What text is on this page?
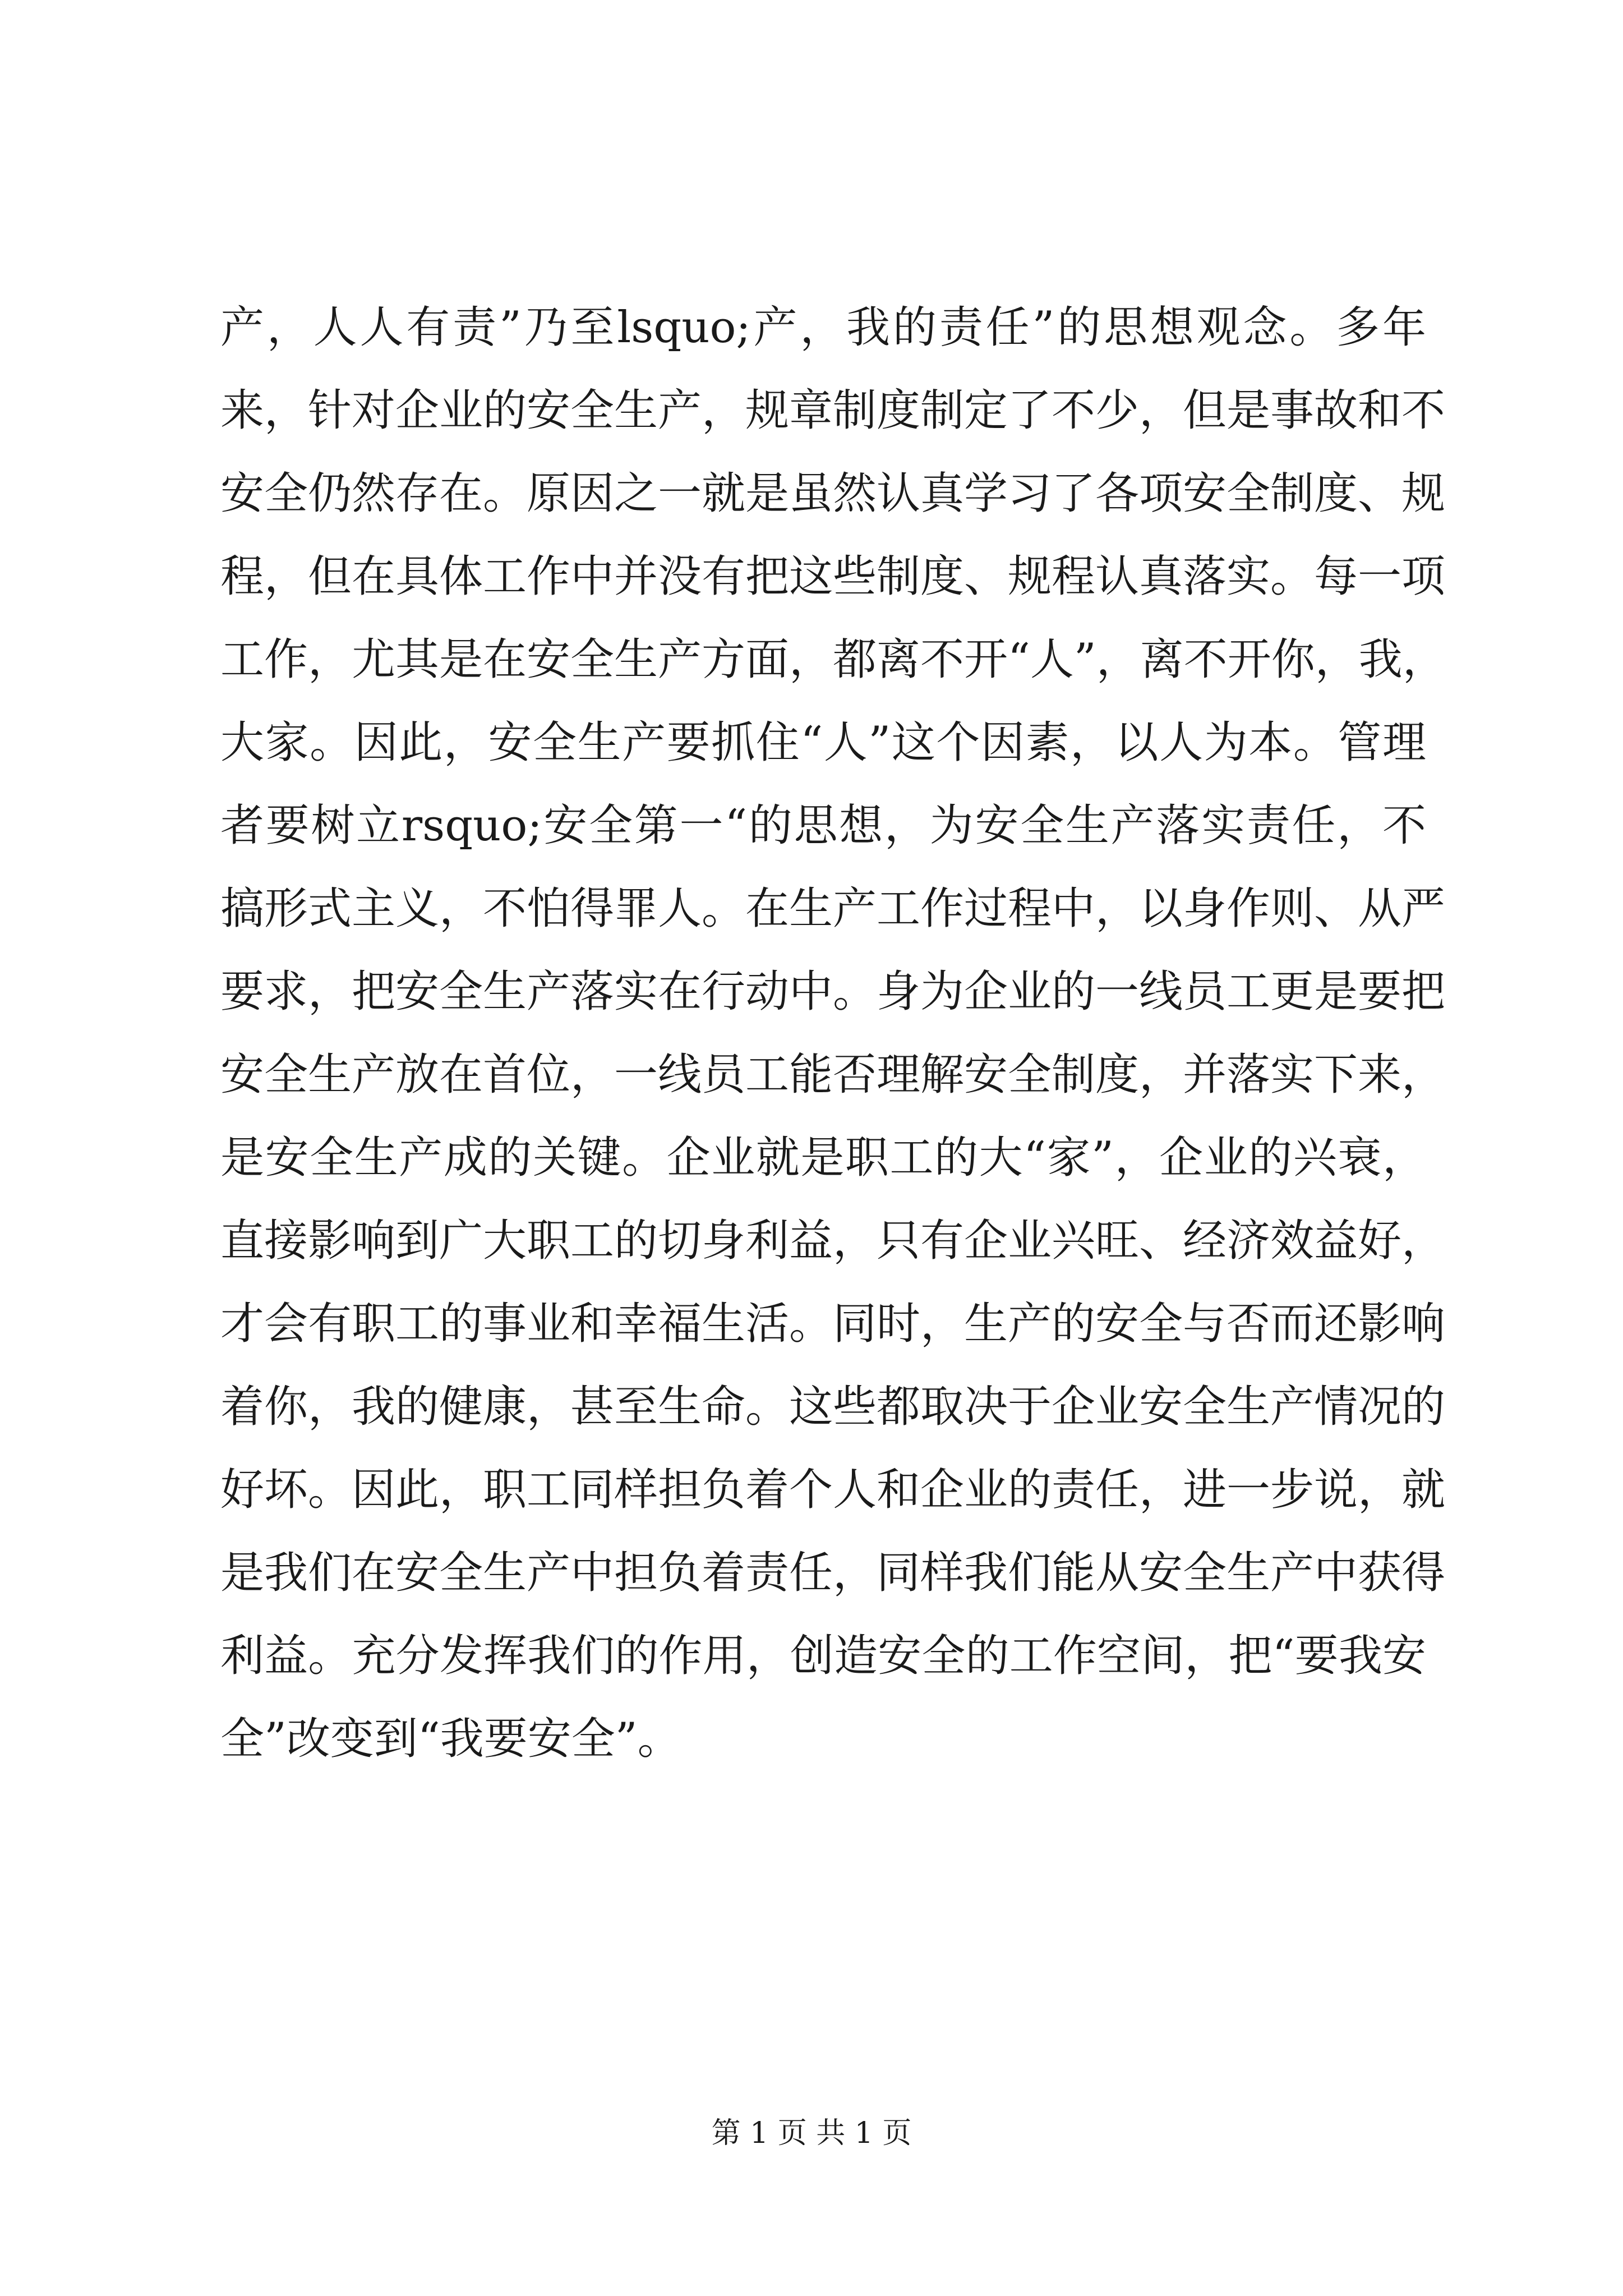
产，人人有责”乃至lsquo;产，我的责任”的思想观念。多年
来，针对企业的安全生产，规章制度制定了不少，但是事故和不
安全仍然存在。原因之一就是虽然认真学习了各项安全制度、规
程，但在具体工作中并没有把这些制度、规程认真落实。每一项
工作，尤其是在安全生产方面，都离不开“人”，离不开你，我，
大家。因此，安全生产要抓住“人”这个因素，以人为本。管理
者要树立rsquo;安全第一“的思想，为安全生产落实责任，不
搞形式主义，不怕得罪人。在生产工作过程中，以身作则、从严
要求，把安全生产落实在行动中。身为企业的一线员工更是要把
安全生产放在首位，一线员工能否理解安全制度，并落实下来，
是安全生产成的关键。企业就是职工的大“家”，企业的兴衰，
直接影响到广大职工的切身利益，只有企业兴旺、经济效益好，
才会有职工的事业和幸福生活。同时，生产的安全与否而还影响
着你，我的健康，甚至生命。这些都取决于企业安全生产情况的
好坏。因此，职工同样担负着个人和企业的责任，进一步说，就
是我们在安全生产中担负着责任，同样我们能从安全生产中获得
利益。充分发挥我们的作用，创造安全的工作空间，把“要我安
全”改变到“我要安全”。
第 1 页 共 1 页
